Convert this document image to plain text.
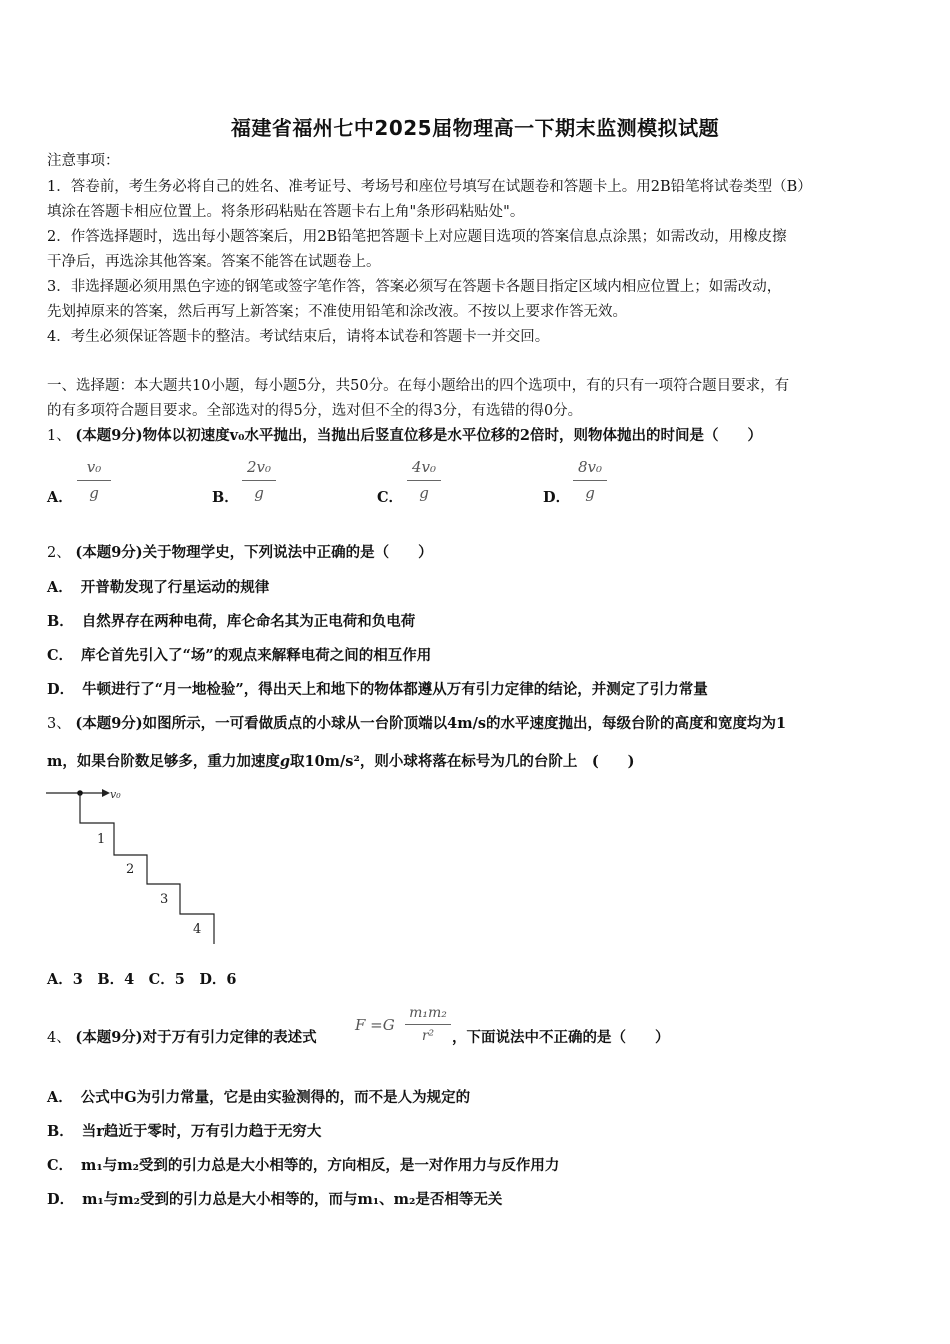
福建省福州七中2025届物理高一下期末监测模拟试题
注意事项：
1．答卷前，考生务必将自己的姓名、准考证号、考场号和座位号填写在试题卷和答题卡上。用2B铅笔将试卷类型（B）
填涂在答题卡相应位置上。将条形码粘贴在答题卡右上角"条形码粘贴处"。
2．作答选择题时，选出每小题答案后，用2B铅笔把答题卡上对应题目选项的答案信息点涂黑；如需改动，用橡皮擦
干净后，再选涂其他答案。答案不能答在试题卷上。
3．非选择题必须用黑色字迹的钢笔或签字笔作答，答案必须写在答题卡各题目指定区域内相应位置上；如需改动，
先划掉原来的答案，然后再写上新答案；不准使用铅笔和涂改液。不按以上要求作答无效。
4．考生必须保证答题卡的整洁。考试结束后，请将本试卷和答题卡一并交回。
一、选择题：本大题共10小题，每小题5分，共50分。在每小题给出的四个选项中，有的只有一项符合题目要求，有
的有多项符合题目要求。全部选对的得5分，选对但不全的得3分，有选错的得0分。
1、 (本题9分)物体以初速度v₀水平抛出，当抛出后竖直位移是水平位移的2倍时，则物体抛出的时间是（　　）
A． $\frac{\text{v₀}}{g}$	B． $\frac{\text{2v₀}}{g}$	C． $\frac{\text{4v₀}}{g}$	D． $\frac{\text{8v₀}}{g}$
2、 (本题9分)关于物理学史，下列说法中正确的是（　　）
A． 开普勒发现了行星运动的规律
B． 自然界存在两种电荷，库仑命名其为正电荷和负电荷
C． 库仑首先引入了“场”的观点来解释电荷之间的相互作用
D． 牛顿进行了“月一地检验”，得出天上和地下的物体都遵从万有引力定律的结论，并测定了引力常量
3、 (本题9分)如图所示，一可看做质点的小球从一台阶顶端以4m/s的水平速度抛出，每级台阶的高度和宽度均为1
m，如果台阶数足够多，重力加速度g取10m/s²，则小球将落在标号为几的台阶上　(　　)
v₀
1
2
3
4
A．3　B．4　C．5　D．6
4、 (本题9分)对于万有引力定律的表述式
$F =G \frac{\text{m₁m₂}}{\text{r²}}$ ，下面说法中不正确的是（　　）
A． 公式中G为引力常量，它是由实验测得的，而不是人为规定的
B． 当r趋近于零时，万有引力趋于无穷大
C． m₁与m₂受到的引力总是大小相等的，方向相反，是一对作用力与反作用力
D． m₁与m₂受到的引力总是大小相等的，而与m₁、m₂是否相等无关
